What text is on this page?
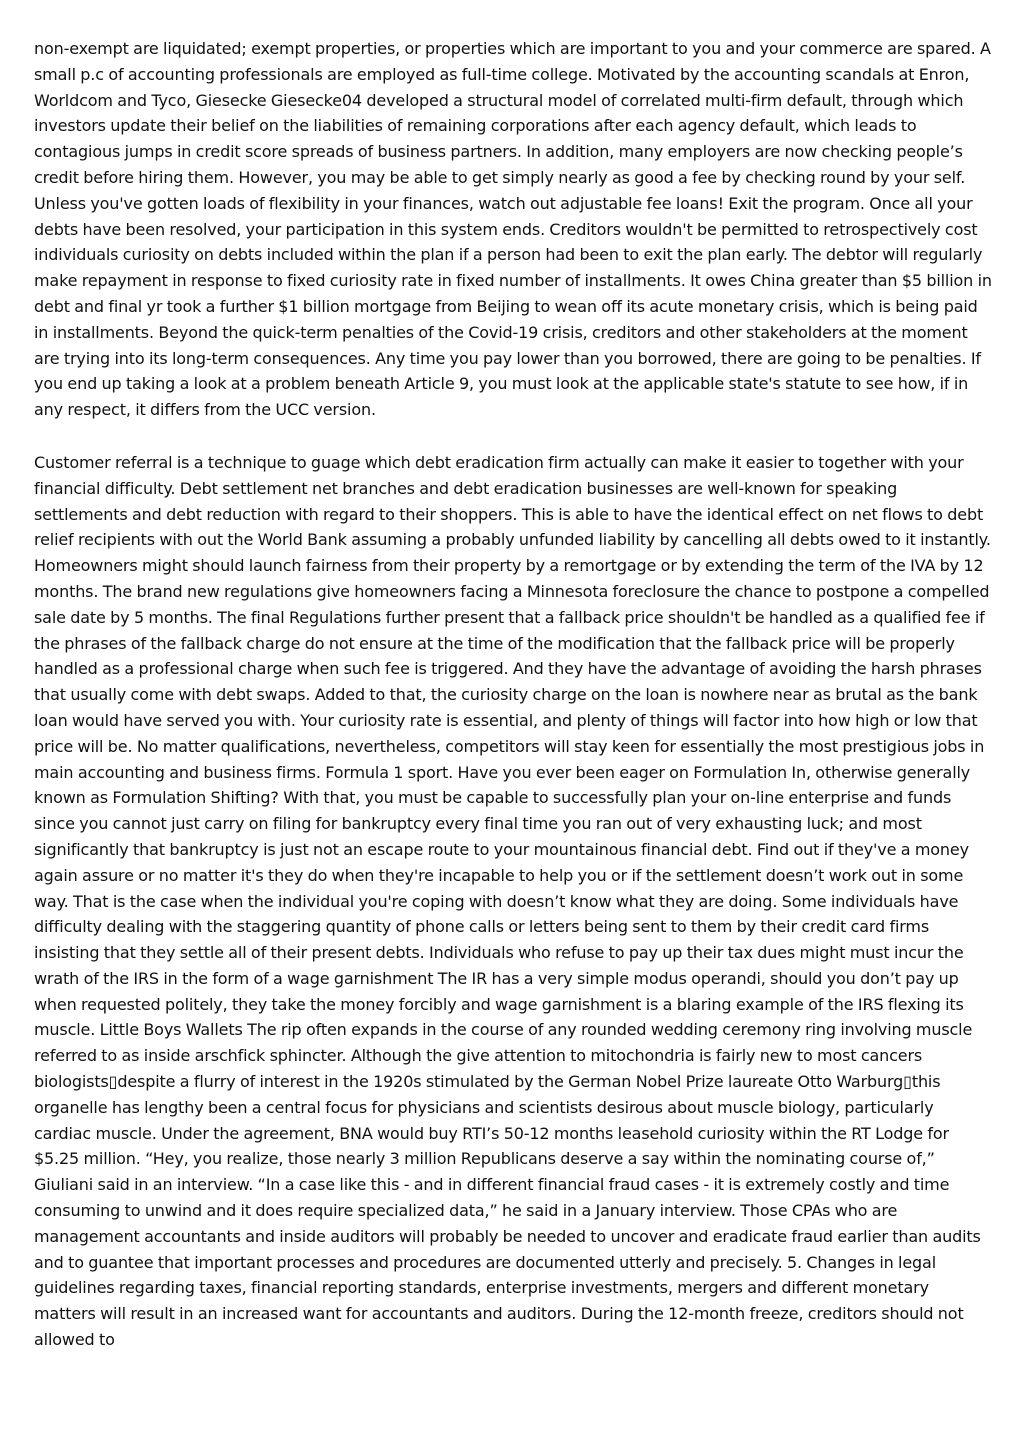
non-exempt are liquidated; exempt properties, or properties which are important to you and your commerce are spared. A small p.c of accounting professionals are employed as full-time college. Motivated by the accounting scandals at Enron, Worldcom and Tyco, Giesecke Giesecke04 developed a structural model of correlated multi-firm default, through which investors update their belief on the liabilities of remaining corporations after each agency default, which leads to contagious jumps in credit score spreads of business partners. In addition, many employers are now checking people’s credit before hiring them. However, you may be able to get simply nearly as good a fee by checking round by your self. Unless you've gotten loads of flexibility in your finances, watch out adjustable fee loans! Exit the program. Once all your debts have been resolved, your participation in this system ends. Creditors wouldn't be permitted to retrospectively cost individuals curiosity on debts included within the plan if a person had been to exit the plan early. The debtor will regularly make repayment in response to fixed curiosity rate in fixed number of installments. It owes China greater than $5 billion in debt and final yr took a further $1 billion mortgage from Beijing to wean off its acute monetary crisis, which is being paid in installments. Beyond the quick-term penalties of the Covid-19 crisis, creditors and other stakeholders at the moment are trying into its long-term consequences. Any time you pay lower than you borrowed, there are going to be penalties. If you end up taking a look at a problem beneath Article 9, you must look at the applicable state's statute to see how, if in any respect, it differs from the UCC version.

Customer referral is a technique to guage which debt eradication firm actually can make it easier to together with your financial difficulty. Debt settlement net branches and debt eradication businesses are well-known for speaking settlements and debt reduction with regard to their shoppers. This is able to have the identical effect on net flows to debt relief recipients with out the World Bank assuming a probably unfunded liability by cancelling all debts owed to it instantly. Homeowners might should launch fairness from their property by a remortgage or by extending the term of the IVA by 12 months. The brand new regulations give homeowners facing a Minnesota foreclosure the chance to postpone a compelled sale date by 5 months. The final Regulations further present that a fallback price shouldn't be handled as a qualified fee if the phrases of the fallback charge do not ensure at the time of the modification that the fallback price will be properly handled as a professional charge when such fee is triggered. And they have the advantage of avoiding the harsh phrases that usually come with debt swaps. Added to that, the curiosity charge on the loan is nowhere near as brutal as the bank loan would have served you with. Your curiosity rate is essential, and plenty of things will factor into how high or low that price will be. No matter qualifications, nevertheless, competitors will stay keen for essentially the most prestigious jobs in main accounting and business firms. Formula 1 sport. Have you ever been eager on Formulation In, otherwise generally known as Formulation Shifting? With that, you must be capable to successfully plan your on-line enterprise and funds since you cannot just carry on filing for bankruptcy every final time you ran out of very exhausting luck; and most significantly that bankruptcy is just not an escape route to your mountainous financial debt. Find out if they've a money again assure or no matter it's they do when they're incapable to help you or if the settlement doesn’t work out in some way. That is the case when the individual you're coping with doesn’t know what they are doing. Some individuals have difficulty dealing with the staggering quantity of phone calls or letters being sent to them by their credit card firms insisting that they settle all of their present debts. Individuals who refuse to pay up their tax dues might must incur the wrath of the IRS in the form of a wage garnishment The IR has a very simple modus operandi, should you don’t pay up when requested politely, they take the money forcibly and wage garnishment is a blaring example of the IRS flexing its muscle. Little Boys Wallets The rip often expands in the course of any rounded wedding ceremony ring involving muscle referred to as inside arschfick sphincter. Although the give attention to mitochondria is fairly new to most cancers biologists▯despite a flurry of interest in the 1920s stimulated by the German Nobel Prize laureate Otto Warburg▯this organelle has lengthy been a central focus for physicians and scientists desirous about muscle biology, particularly cardiac muscle. Under the agreement, BNA would buy RTI’s 50-12 months leasehold curiosity within the RT Lodge for $5.25 million. “Hey, you realize, those nearly 3 million Republicans deserve a say within the nominating course of,” Giuliani said in an interview. “In a case like this - and in different financial fraud cases - it is extremely costly and time consuming to unwind and it does require specialized data,” he said in a January interview. Those CPAs who are management accountants and inside auditors will probably be needed to uncover and eradicate fraud earlier than audits and to guantee that important processes and procedures are documented utterly and precisely. 5. Changes in legal guidelines regarding taxes, financial reporting standards, enterprise investments, mergers and different monetary matters will result in an increased want for accountants and auditors. During the 12-month freeze, creditors should not allowed to
